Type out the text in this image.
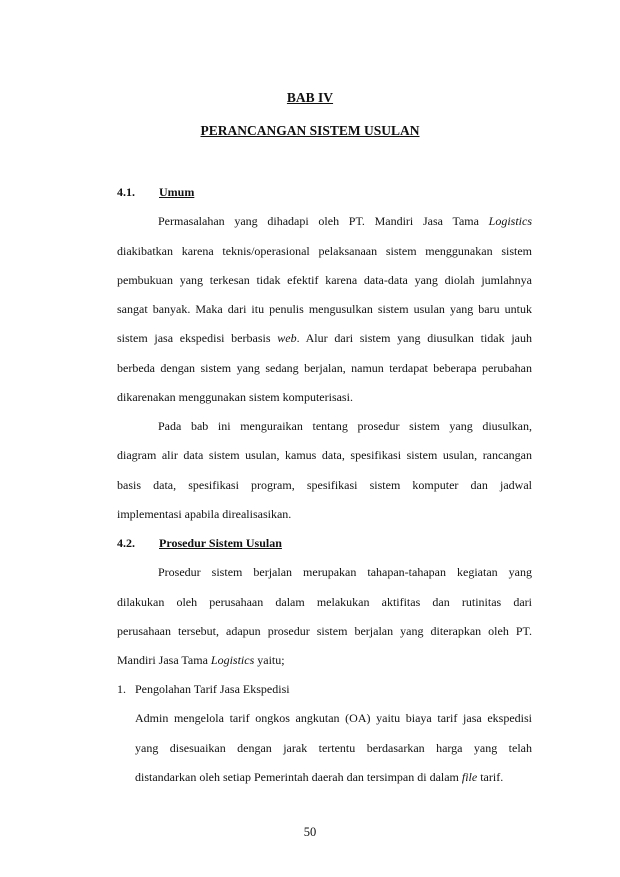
BAB IV
PERANCANGAN SISTEM USULAN
4.1. Umum
Permasalahan yang dihadapi oleh PT. Mandiri Jasa Tama Logistics
diakibatkan karena teknis/operasional pelaksanaan sistem menggunakan sistem
pembukuan yang terkesan tidak efektif karena data-data yang diolah jumlahnya
sangat banyak. Maka dari itu penulis mengusulkan sistem usulan yang baru untuk
sistem jasa ekspedisi berbasis web. Alur dari sistem yang diusulkan tidak jauh
berbeda dengan sistem yang sedang berjalan, namun terdapat beberapa perubahan
dikarenakan menggunakan sistem komputerisasi.
Pada bab ini menguraikan tentang prosedur sistem yang diusulkan,
diagram alir data sistem usulan, kamus data, spesifikasi sistem usulan, rancangan
basis data, spesifikasi program, spesifikasi sistem komputer dan jadwal
implementasi apabila direalisasikan.
4.2. Prosedur Sistem Usulan
Prosedur sistem berjalan merupakan tahapan-tahapan kegiatan yang
dilakukan oleh perusahaan dalam melakukan aktifitas dan rutinitas dari
perusahaan tersebut, adapun prosedur sistem berjalan yang diterapkan oleh PT.
Mandiri Jasa Tama Logistics yaitu;
1. Pengolahan Tarif Jasa Ekspedisi
Admin mengelola tarif ongkos angkutan (OA) yaitu biaya tarif jasa ekspedisi
yang disesuaikan dengan jarak tertentu berdasarkan harga yang telah
distandarkan oleh setiap Pemerintah daerah dan tersimpan di dalam file tarif.
50
